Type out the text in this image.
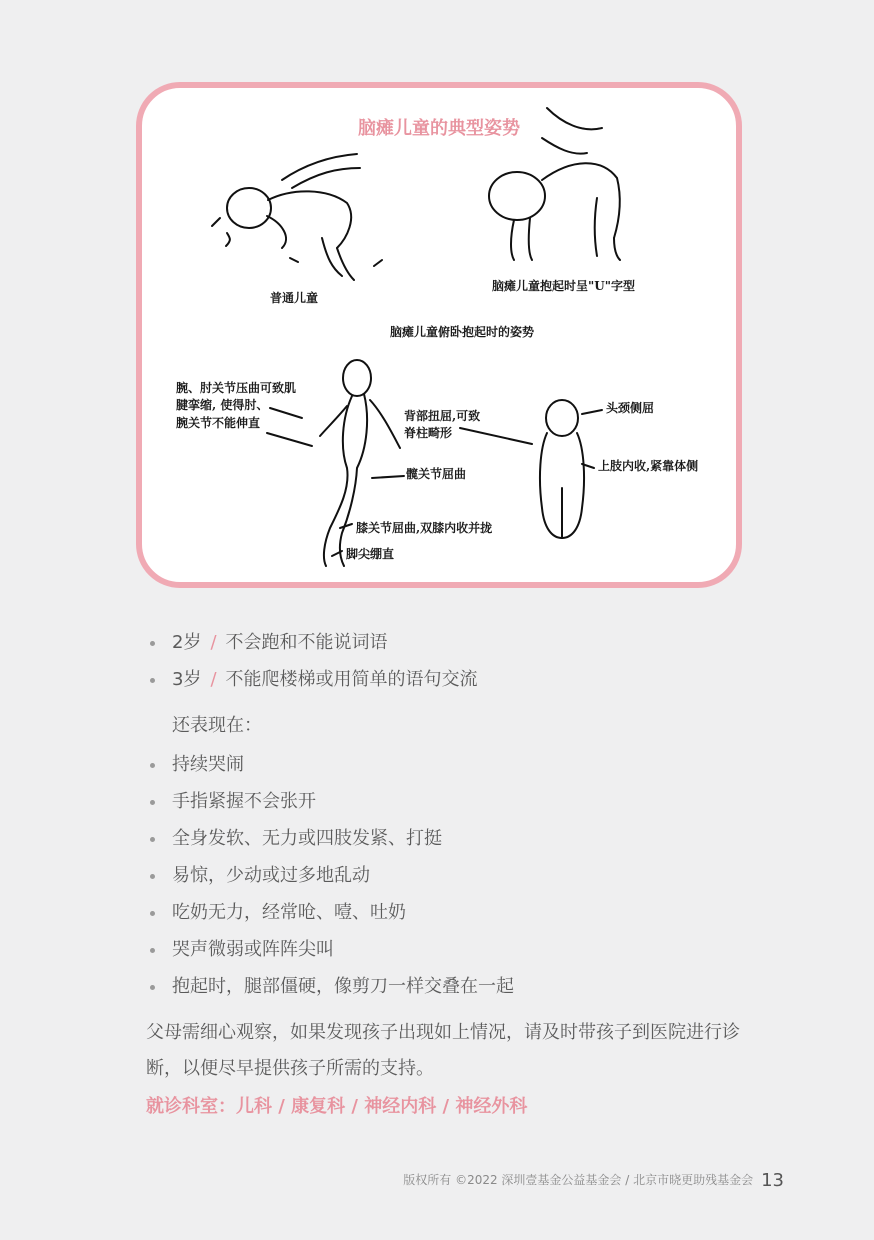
脑瘫儿童的典型姿势
普通儿童
脑瘫儿童抱起时呈"U"字型
脑瘫儿童俯卧抱起时的姿势
腕、肘关节压曲可致肌
腱挛缩, 使得肘、
腕关节不能伸直	背部扭屈,可致
脊柱畸形
髋关节屈曲
膝关节屈曲,双膝内收并拢
脚尖绷直
头颈侧屈
上肢内收,紧靠体侧
2岁 / 不会跑和不能说词语
3岁 / 不能爬楼梯或用简单的语句交流
还表现在：
持续哭闹
手指紧握不会张开
全身发软、无力或四肢发紧、打挺
易惊，少动或过多地乱动
吃奶无力，经常呛、噎、吐奶
哭声微弱或阵阵尖叫
抱起时，腿部僵硬，像剪刀一样交叠在一起
父母需细心观察，如果发现孩子出现如上情况，请及时带孩子到医院进行诊断，以便尽早提供孩子所需的支持。
就诊科室：儿科 / 康复科 / 神经内科 / 神经外科
版权所有 ©2022 深圳壹基金公益基金会 / 北京市晓更助残基金会 13
